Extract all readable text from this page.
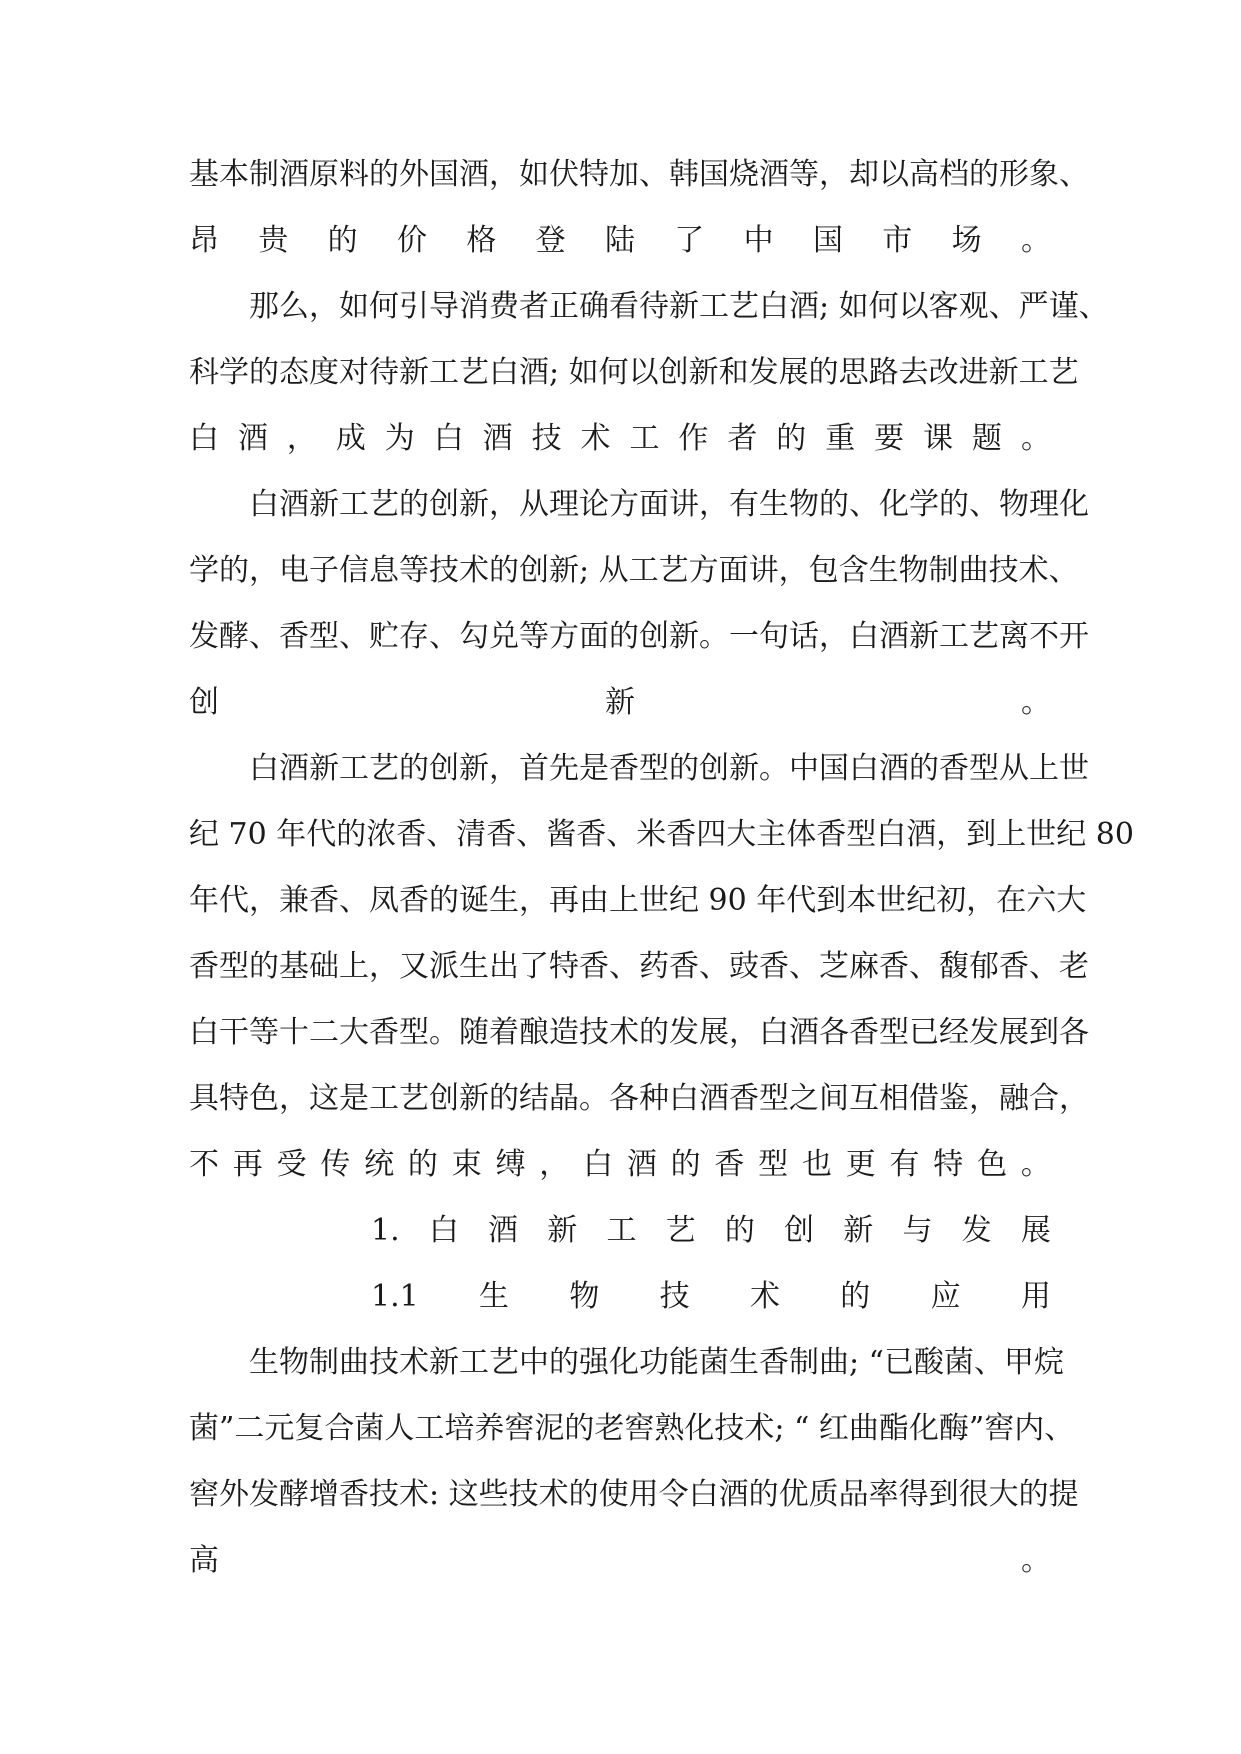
基本制酒原料的外国酒，如伏特加、韩国烧酒等，却以高档的形象、
昂 贵 的 价 格 登 陆 了 中 国 市 场 。
那么，如何引导消费者正确看待新工艺白酒; 如何以客观、严谨、
科学的态度对待新工艺白酒; 如何以创新和发展的思路去改进新工艺
白 酒 ， 成 为 白 酒 技 术 工 作 者 的 重 要 课 题 。
白酒新工艺的创新，从理论方面讲，有生物的、化学的、物理化
学的，电子信息等技术的创新; 从工艺方面讲，包含生物制曲技术、
发酵、香型、贮存、勾兑等方面的创新。一句话，白酒新工艺离不开
创	新	。
白酒新工艺的创新，首先是香型的创新。中国白酒的香型从上世
纪 70 年代的浓香、清香、酱香、米香四大主体香型白酒，到上世纪 80
年代，兼香、凤香的诞生，再由上世纪 90 年代到本世纪初，在六大
香型的基础上，又派生出了特香、药香、豉香、芝麻香、馥郁香、老
白干等十二大香型。随着酿造技术的发展，白酒各香型已经发展到各
具特色，这是工艺创新的结晶。各种白酒香型之间互相借鉴，融合，
不 再 受 传 统 的 束 缚 ， 白 酒 的 香 型 也 更 有 特 色 。
1. 白 酒 新 工 艺 的 创 新 与 发 展
1.1 生 物 技 术 的 应 用
生物制曲技术新工艺中的强化功能菌生香制曲; “已酸菌、甲烷
菌”二元复合菌人工培养窖泥的老窖熟化技术; “ 红曲酯化酶”窖内、
窖外发酵增香技术: 这些技术的使用令白酒的优质品率得到很大的提
高	。
